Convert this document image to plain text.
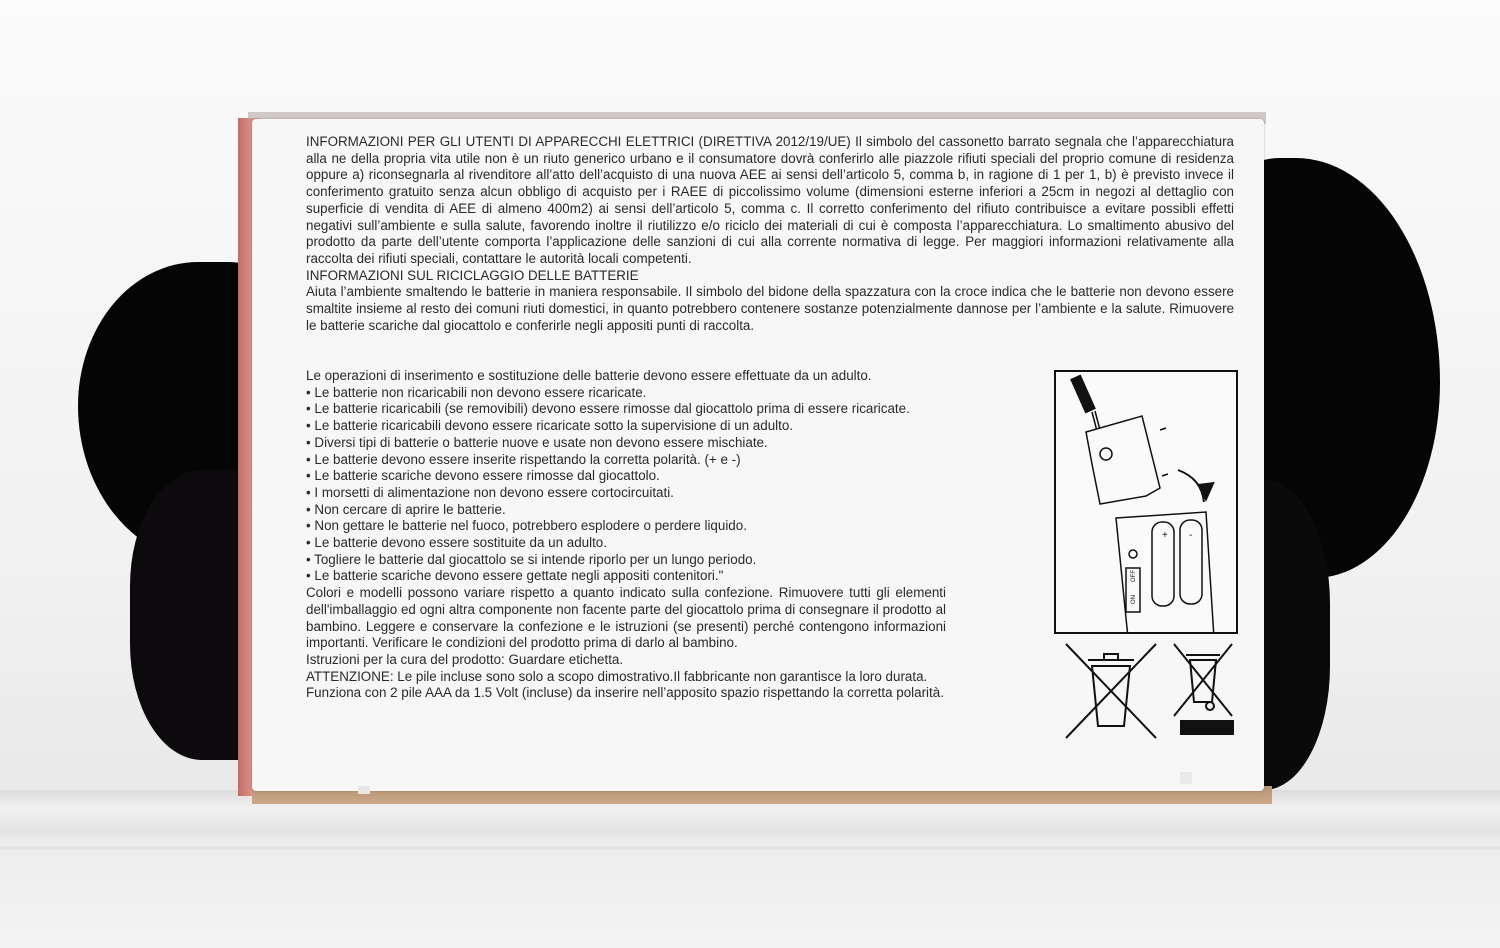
INFORMAZIONI PER GLI UTENTI DI APPARECCHI ELETTRICI (DIRETTIVA 2012/19/UE) Il simbolo del cassonetto barrato segnala che l’apparecchiatura alla ne della propria vita utile non è un riuto generico urbano e il consumatore dovrà conferirlo alle piazzole rifiuti speciali del proprio comune di residenza oppure a) riconsegnarla al rivenditore all’atto dell’acquisto di una nuova AEE ai sensi dell’articolo 5, comma b, in ragione di 1 per 1, b) è previsto invece il conferimento gratuito senza alcun obbligo di acquisto per i RAEE di piccolissimo volume (dimensioni esterne inferiori a 25cm in negozi al dettaglio con superficie di vendita di AEE di almeno 400m2) ai sensi dell’articolo 5, comma c. Il corretto conferimento del rifiuto contribuisce a evitare possibli effetti negativi sull’ambiente e sulla salute, favorendo inoltre il riutilizzo e/o riciclo dei materiali di cui è composta l’apparecchiatura. Lo smaltimento abusivo del prodotto da parte dell’utente comporta l’applicazione delle sanzioni di cui alla corrente normativa di legge. Per maggiori informazioni relativamente alla raccolta dei rifiuti speciali, contattare le autorità locali competenti.

INFORMAZIONI SUL RICICLAGGIO DELLE BATTERIE

Aiuta l’ambiente smaltendo le batterie in maniera responsabile. Il simbolo del bidone della spazzatura con la croce indica che le batterie non devono essere smaltite insieme al resto dei comuni riuti domestici, in quanto potrebbero contenere sostanze potenzialmente dannose per l’ambiente e la salute. Rimuovere le batterie scariche dal giocattolo e conferirle negli appositi punti di raccolta.

Le operazioni di inserimento e sostituzione delle batterie devono essere effettuate da un adulto.

• Le batterie non ricaricabili non devono essere ricaricate.

• Le batterie ricaricabili (se removibili) devono essere rimosse dal giocattolo prima di essere ricaricate.

• Le batterie ricaricabili devono essere ricaricate sotto la supervisione di un adulto.

• Diversi tipi di batterie o batterie nuove e usate non devono essere mischiate.

• Le batterie devono essere inserite rispettando la corretta polarità. (+ e -)

• Le batterie scariche devono essere rimosse dal giocattolo.

• I morsetti di alimentazione non devono essere cortocircuitati.

• Non cercare di aprire le batterie.

• Non gettare le batterie nel fuoco, potrebbero esplodere o perdere liquido.

• Le batterie devono essere sostituite da un adulto.

• Togliere le batterie dal giocattolo se si intende riporlo per un lungo periodo.

• Le batterie scariche devono essere gettate negli appositi contenitori."

Colori e modelli possono variare rispetto a quanto indicato sulla confezione. Rimuovere tutti gli elementi dell'imballaggio ed ogni altra componente non facente parte del giocattolo prima di consegnare il prodotto al bambino. Leggere e conservare la confezione e le istruzioni (se presenti) perché contengono informazioni importanti. Verificare le condizioni del prodotto prima di darlo al bambino.

Istruzioni per la cura del prodotto: Guardare etichetta.

ATTENZIONE: Le pile incluse sono solo a scopo dimostrativo.Il fabbricante non garantisce la loro durata.

Funziona con 2 pile AAA da 1.5 Volt (incluse) da inserire nell’apposito spazio rispettando la corretta polarità.

+ -
ON
OFF
